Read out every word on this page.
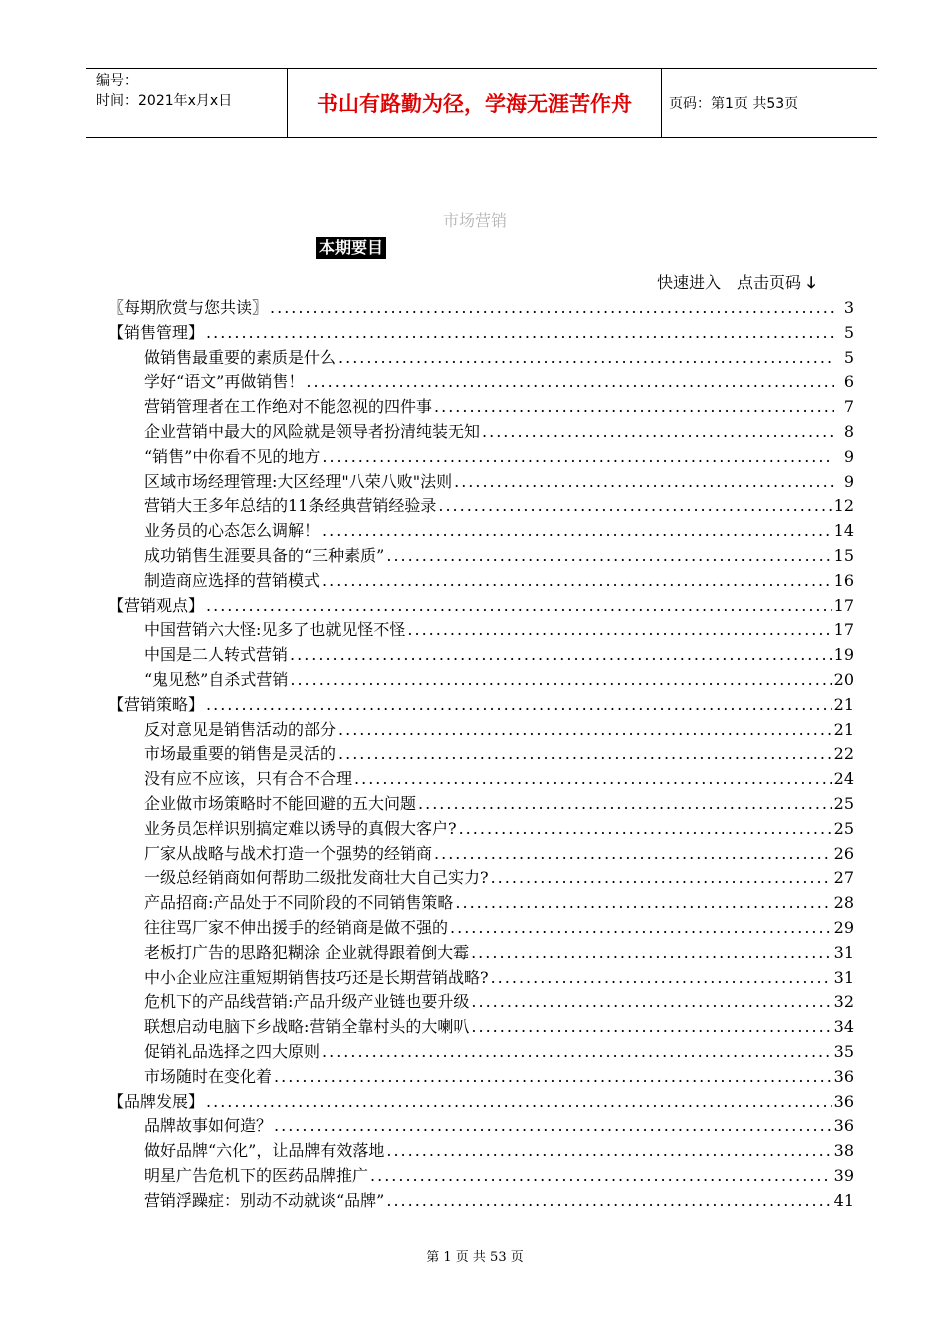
编号：
时间：2021年x月x日	书山有路勤为径，学海无涯苦作舟	页码：第1页 共53页
市场营销
本期要目
快速进入 点击页码 🡓
〖每期欣赏与您共读〗 .....	3
【销售管理】 .....	5
做销售最重要的素质是什么 .....	5
学好“语文”再做销售！ .....	6
营销管理者在工作绝对不能忽视的四件事 .....	7
企业营销中最大的风险就是领导者扮清纯装无知 .....	8
“销售”中你看不见的地方 .....	9
区域市场经理管理:大区经理"八荣八败"法则 .....	9
营销大王多年总结的11条经典营销经验录 .....	12
业务员的心态怎么调解！ .....	14
成功销售生涯要具备的“三种素质” .....	15
制造商应选择的营销模式 .....	16
【营销观点】 .....	17
中国营销六大怪:见多了也就见怪不怪 .....	17
中国是二人转式营销 .....	19
“鬼见愁”自杀式营销 .....	20
【营销策略】 .....	21
反对意见是销售活动的部分 .....	21
市场最重要的销售是灵活的 .....	22
没有应不应该，只有合不合理 .....	24
企业做市场策略时不能回避的五大问题 .....	25
业务员怎样识别搞定难以诱导的真假大客户? .....	25
厂家从战略与战术打造一个强势的经销商 .....	26
一级总经销商如何帮助二级批发商壮大自己实力? .....	27
产品招商:产品处于不同阶段的不同销售策略 .....	28
往往骂厂家不伸出援手的经销商是做不强的 .....	29
老板打广告的思路犯糊涂 企业就得跟着倒大霉 .....	31
中小企业应注重短期销售技巧还是长期营销战略? .....	31
危机下的产品线营销:产品升级产业链也要升级 .....	32
联想启动电脑下乡战略:营销全靠村头的大喇叭 .....	34
促销礼品选择之四大原则 .....	35
市场随时在变化着 .....	36
【品牌发展】 .....	36
品牌故事如何造？ .....	36
做好品牌“六化”，让品牌有效落地 .....	38
明星广告危机下的医药品牌推广 .....	39
营销浮躁症：别动不动就谈“品牌” .....	41
第 1 页 共 53 页
